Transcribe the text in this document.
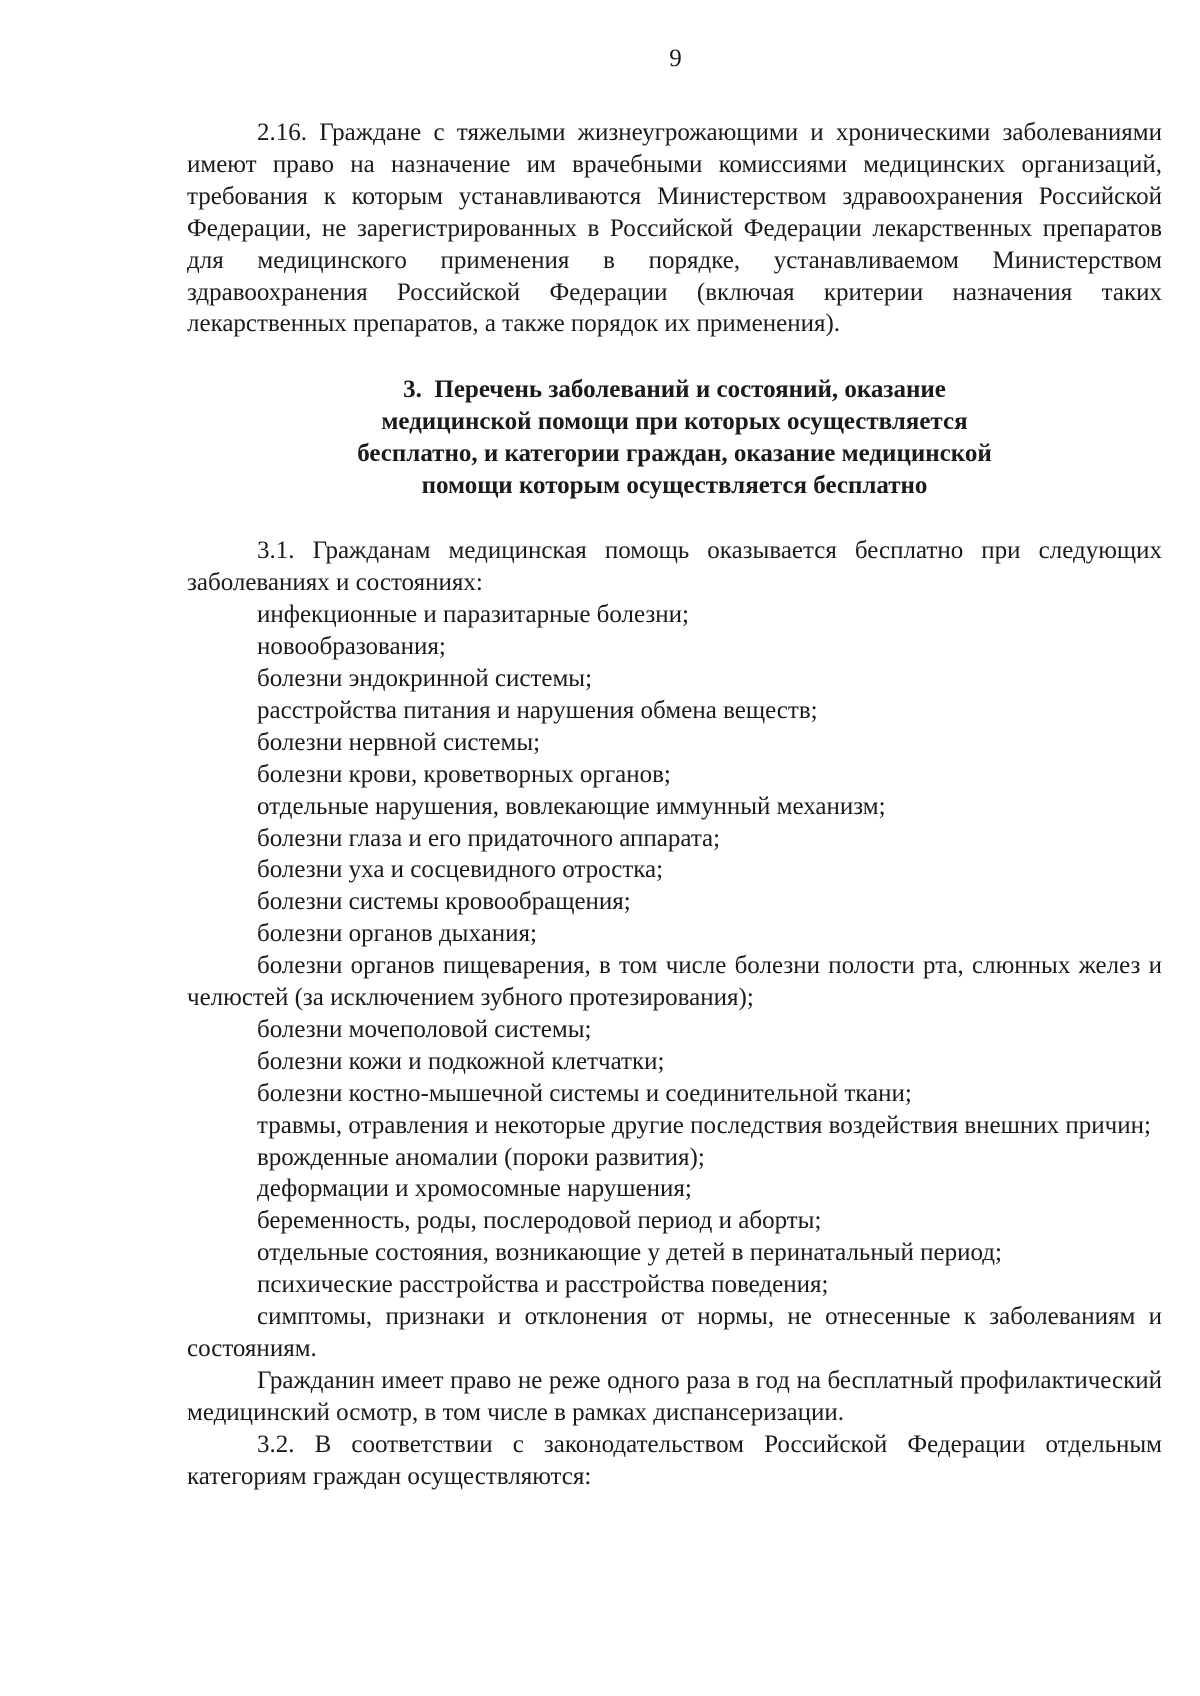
9

2.16. Граждане с тяжелыми жизнеугрожающими и хроническими заболеваниями имеют право на назначение им врачебными комиссиями медицинских организаций, требования к которым устанавливаются Министерством здравоохранения Российской Федерации, не зарегистрированных в Российской Федерации лекарственных препаратов для медицинского применения в порядке, устанавливаемом Министерством здравоохранения Российской Федерации (включая критерии назначения таких лекарственных препаратов, а также порядок их применения).

3.  Перечень заболеваний и состояний, оказание
медицинской помощи при которых осуществляется
бесплатно, и категории граждан, оказание медицинской
помощи которым осуществляется бесплатно

3.1. Гражданам медицинская помощь оказывается бесплатно при следующих заболеваниях и состояниях:

инфекционные и паразитарные болезни;
новообразования;
болезни эндокринной системы;
расстройства питания и нарушения обмена веществ;
болезни нервной системы;
болезни крови, кроветворных органов;
отдельные нарушения, вовлекающие иммунный механизм;
болезни глаза и его придаточного аппарата;
болезни уха и сосцевидного отростка;
болезни системы кровообращения;
болезни органов дыхания;
болезни органов пищеварения, в том числе болезни полости рта, слюнных желез и челюстей (за исключением зубного протезирования);
болезни мочеполовой системы;
болезни кожи и подкожной клетчатки;
болезни костно-мышечной системы и соединительной ткани;
травмы, отравления и некоторые другие последствия воздействия внешних причин;
врожденные аномалии (пороки развития);
деформации и хромосомные нарушения;
беременность, роды, послеродовой период и аборты;
отдельные состояния, возникающие у детей в перинатальный период;
психические расстройства и расстройства поведения;
симптомы, признаки и отклонения от нормы, не отнесенные к заболеваниям и состояниям.

Гражданин имеет право не реже одного раза в год на бесплатный профилактический медицинский осмотр, в том числе в рамках диспансеризации.

3.2. В соответствии с законодательством Российской Федерации отдельным категориям граждан осуществляются:
